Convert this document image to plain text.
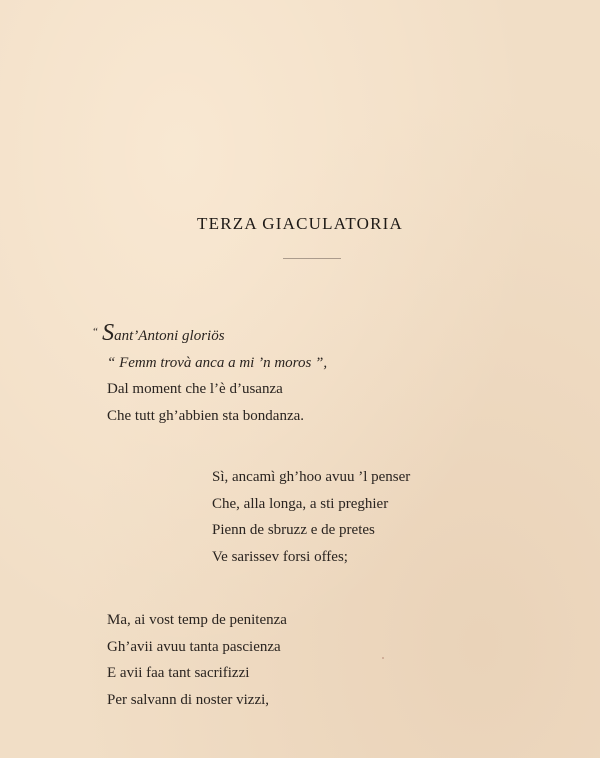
TERZA GIACULATORIA
“ Sant’Antoni gloriös
“ Femm trovà anca a mi ’n moros ”,
Dal moment che l’è d’usanza
Che tutt gh’abbien sta bondanza.
Sì, ancamì gh’hoo avuu ’l penser
Che, alla longa, a sti preghier
Pienn de sbruzz e de pretes
Ve sarissev forsi offes;
Ma, ai vost temp de penitenza
Gh’avii avuu tanta pascienza
E avii faa tant sacrifizzi
Per salvann di noster vizzi,
